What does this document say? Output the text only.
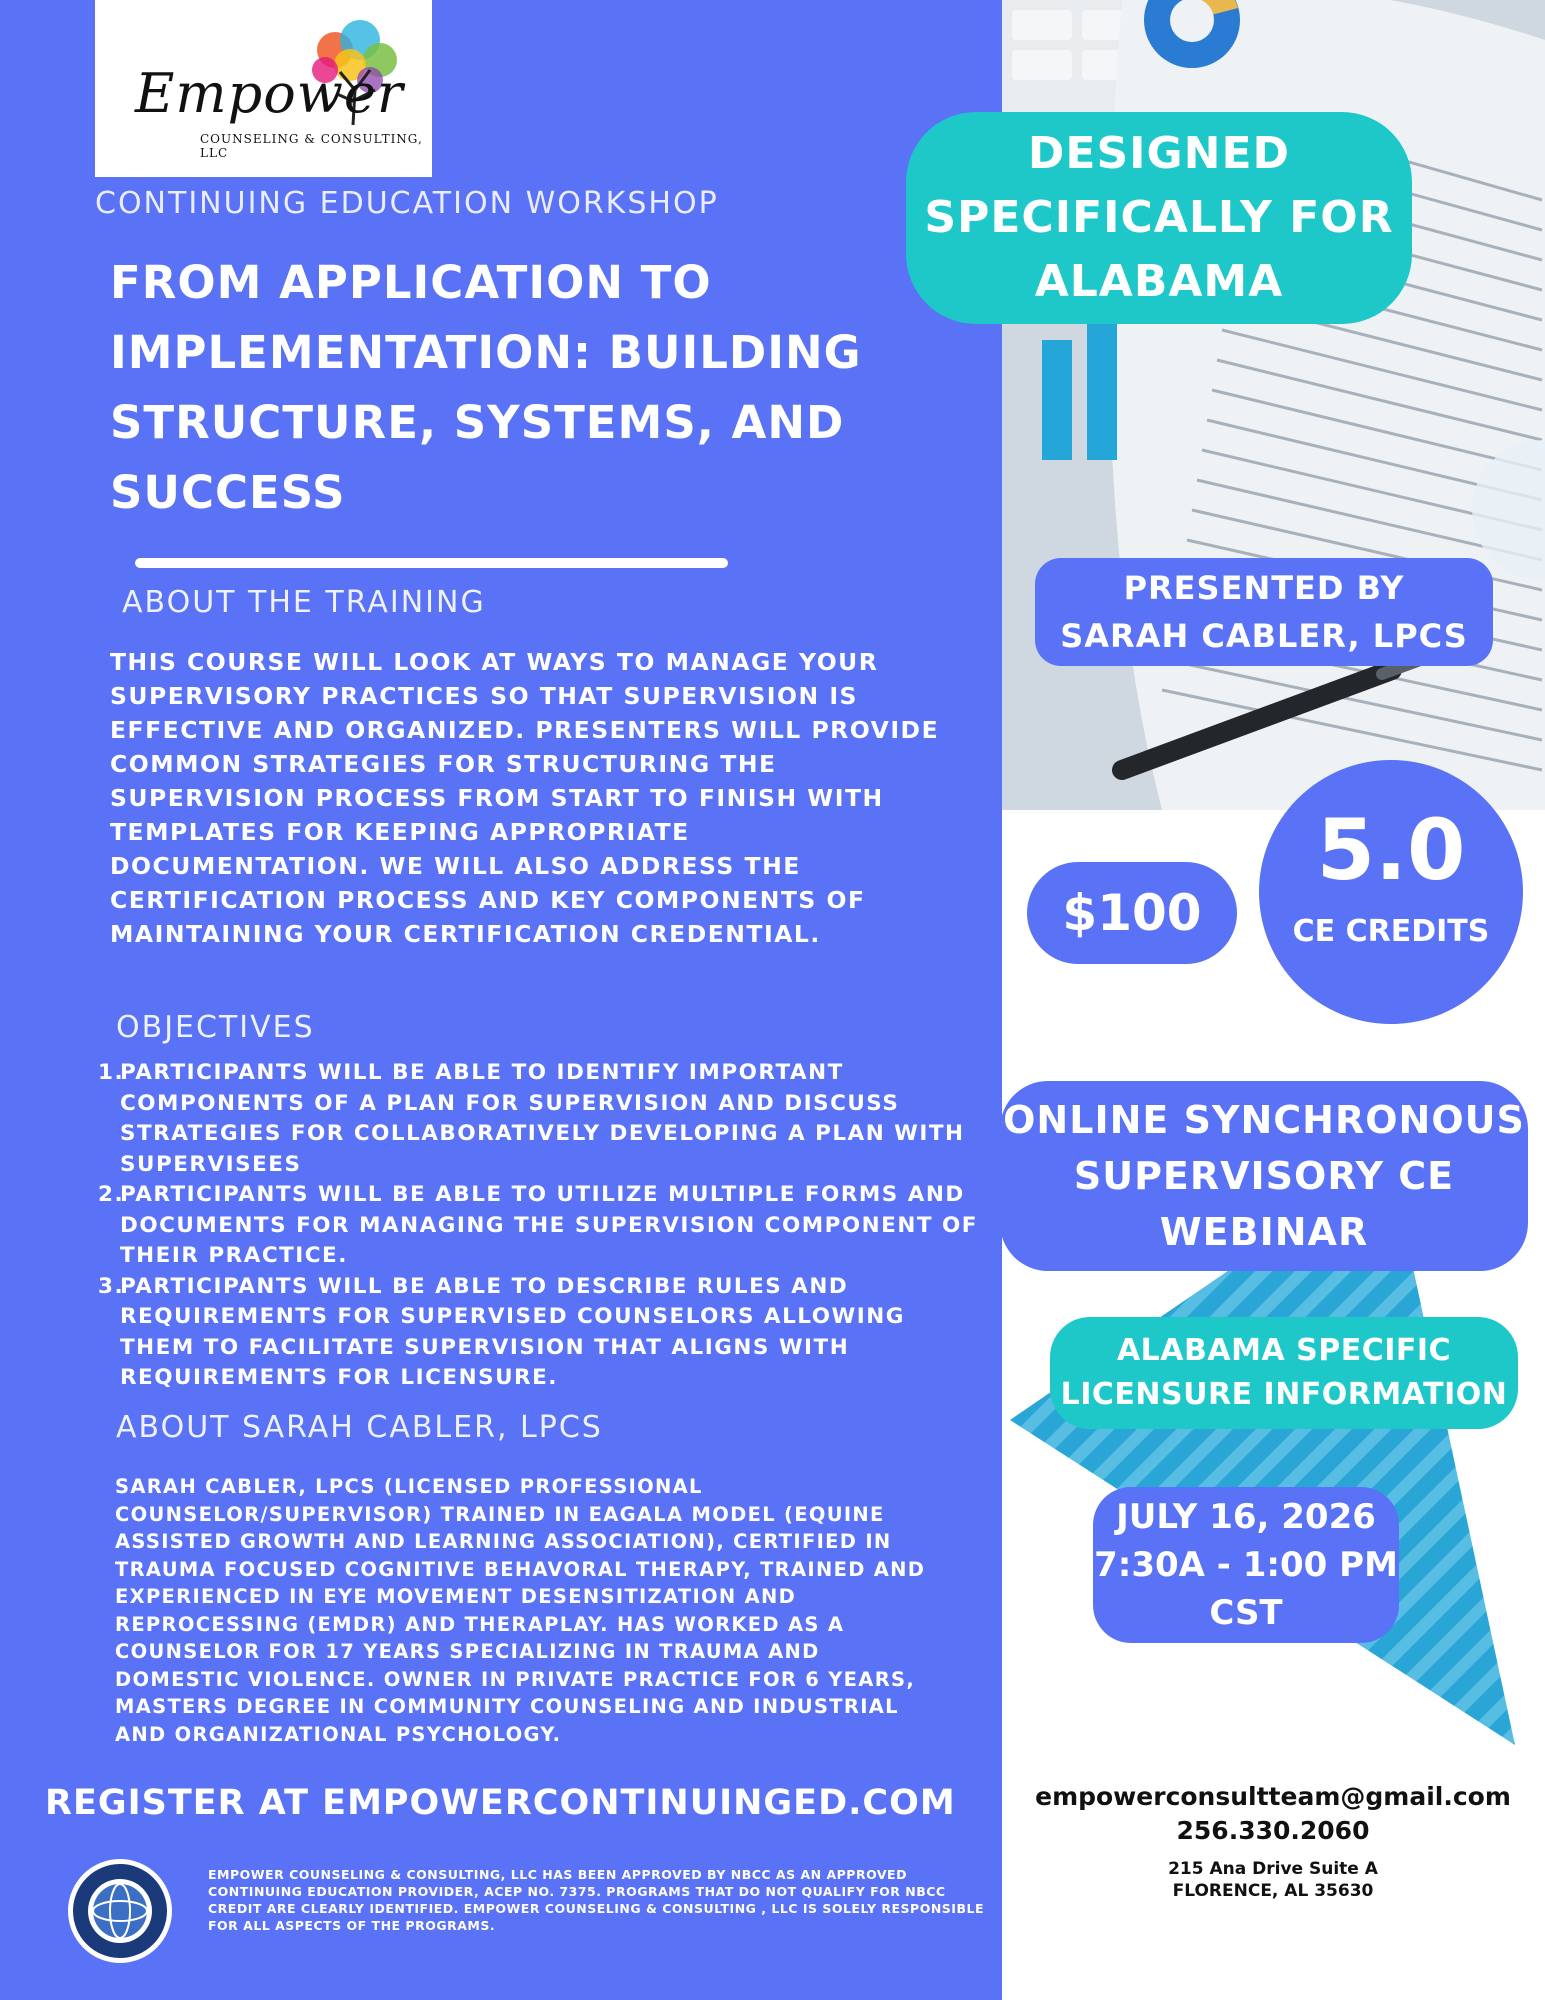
Empower
COUNSELING & CONSULTING, LLC
CONTINUING EDUCATION WORKSHOP
FROM APPLICATION TO IMPLEMENTATION: BUILDING STRUCTURE, SYSTEMS, AND SUCCESS
ABOUT THE TRAINING
THIS COURSE WILL LOOK AT WAYS TO MANAGE YOUR SUPERVISORY PRACTICES SO THAT SUPERVISION IS EFFECTIVE AND ORGANIZED. PRESENTERS WILL PROVIDE COMMON STRATEGIES FOR STRUCTURING THE SUPERVISION PROCESS FROM START TO FINISH WITH TEMPLATES FOR KEEPING APPROPRIATE DOCUMENTATION. WE WILL ALSO ADDRESS THE CERTIFICATION PROCESS AND KEY COMPONENTS OF MAINTAINING YOUR CERTIFICATION CREDENTIAL.
OBJECTIVES
1.
PARTICIPANTS WILL BE ABLE TO IDENTIFY IMPORTANT COMPONENTS OF A PLAN FOR SUPERVISION AND DISCUSS STRATEGIES FOR COLLABORATIVELY DEVELOPING A PLAN WITH SUPERVISEES
2.
PARTICIPANTS WILL BE ABLE TO UTILIZE MULTIPLE FORMS AND DOCUMENTS FOR MANAGING THE SUPERVISION COMPONENT OF THEIR PRACTICE.
3.
PARTICIPANTS WILL BE ABLE TO DESCRIBE RULES AND REQUIREMENTS FOR SUPERVISED COUNSELORS ALLOWING THEM TO FACILITATE SUPERVISION THAT ALIGNS WITH REQUIREMENTS FOR LICENSURE.
ABOUT SARAH CABLER, LPCS
SARAH CABLER, LPCS (LICENSED PROFESSIONAL COUNSELOR/SUPERVISOR) TRAINED IN EAGALA MODEL (EQUINE ASSISTED GROWTH AND LEARNING ASSOCIATION), CERTIFIED IN TRAUMA FOCUSED COGNITIVE BEHAVORAL THERAPY, TRAINED AND EXPERIENCED IN EYE MOVEMENT DESENSITIZATION AND REPROCESSING (EMDR) AND THERAPLAY. HAS WORKED AS A COUNSELOR FOR 17 YEARS SPECIALIZING IN TRAUMA AND DOMESTIC VIOLENCE. OWNER IN PRIVATE PRACTICE FOR 6 YEARS, MASTERS DEGREE IN COMMUNITY COUNSELING AND INDUSTRIAL AND ORGANIZATIONAL PSYCHOLOGY.
REGISTER AT EMPOWERCONTINUINGED.COM
EMPOWER COUNSELING & CONSULTING, LLC HAS BEEN APPROVED BY NBCC AS AN APPROVED CONTINUING EDUCATION PROVIDER, ACEP NO. 7375. PROGRAMS THAT DO NOT QUALIFY FOR NBCC CREDIT ARE CLEARLY IDENTIFIED. EMPOWER COUNSELING & CONSULTING , LLC IS SOLELY RESPONSIBLE FOR ALL ASPECTS OF THE PROGRAMS.
DESIGNED
SPECIFICALLY FOR
ALABAMA
PRESENTED BY
SARAH CABLER, LPCS
$100
5.0
CE CREDITS
ONLINE SYNCHRONOUS
SUPERVISORY CE
WEBINAR
ALABAMA SPECIFIC
LICENSURE INFORMATION
JULY 16, 2026
7:30A - 1:00 PM
CST
empowerconsultteam@gmail.com
256.330.2060
215 Ana Drive Suite A
FLORENCE, AL 35630
